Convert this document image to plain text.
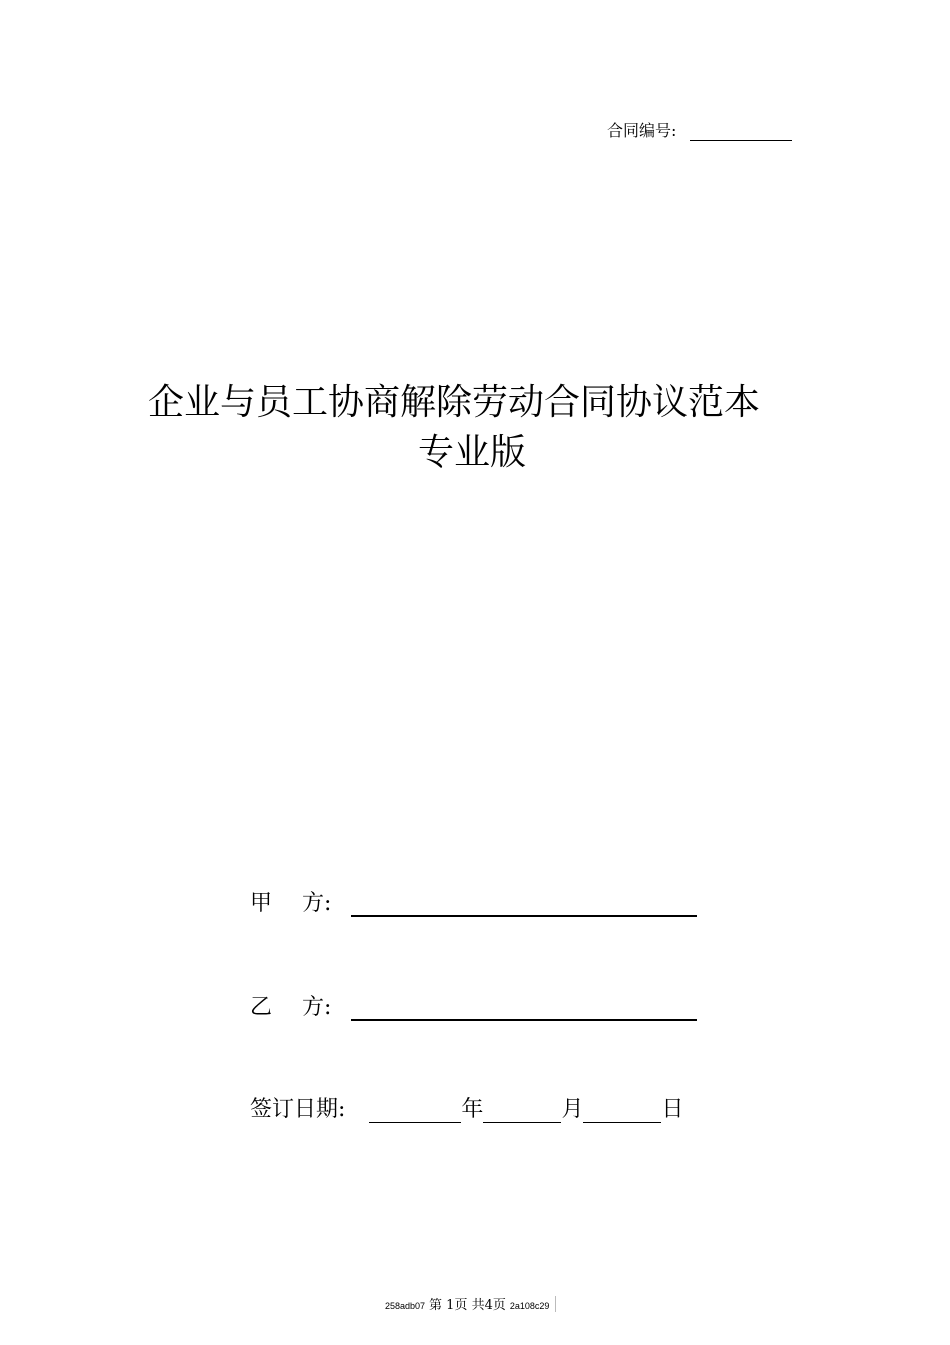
合同编号:
企业与员工协商解除劳动合同协议范本
专业版
甲 方:
乙 方:
签订日期:	年	月	日
258adb07 第 1页 共4页 2a108c29
